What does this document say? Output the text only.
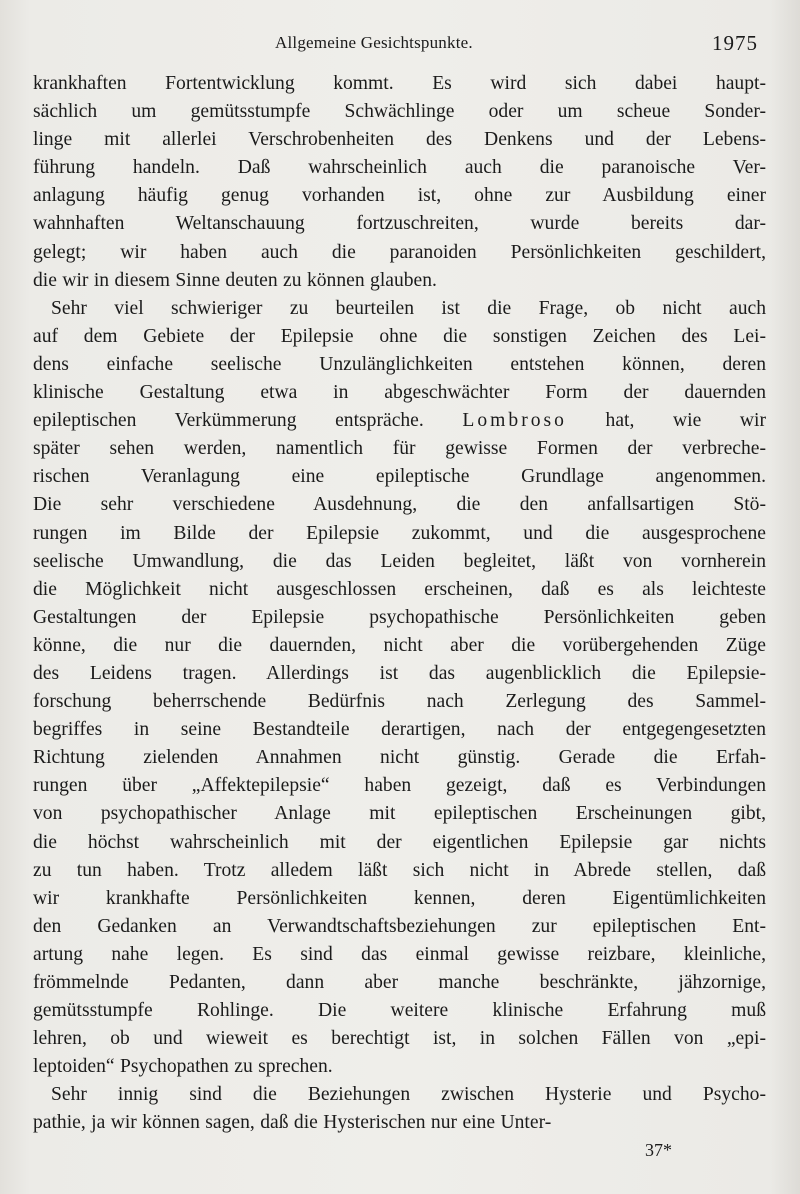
Allgemeine Gesichtspunkte.	1975

krankhaften Fortentwicklung kommt. Es wird sich dabei haupt-
sächlich um gemütsstumpfe Schwächlinge oder um scheue Sonder-
linge mit allerlei Verschrobenheiten des Denkens und der Lebens-
führung handeln. Daß wahrscheinlich auch die paranoische Ver-
anlagung häufig genug vorhanden ist, ohne zur Ausbildung einer
wahnhaften Weltanschauung fortzuschreiten, wurde bereits dar-
gelegt; wir haben auch die paranoiden Persönlichkeiten geschildert,
die wir in diesem Sinne deuten zu können glauben.

Sehr viel schwieriger zu beurteilen ist die Frage, ob nicht auch
auf dem Gebiete der Epilepsie ohne die sonstigen Zeichen des Lei-
dens einfache seelische Unzulänglichkeiten entstehen können, deren
klinische Gestaltung etwa in abgeschwächter Form der dauernden
epileptischen Verkümmerung entspräche. Lombroso hat, wie wir
später sehen werden, namentlich für gewisse Formen der verbreche-
rischen Veranlagung eine epileptische Grundlage angenommen.
Die sehr verschiedene Ausdehnung, die den anfallsartigen Stö-
rungen im Bilde der Epilepsie zukommt, und die ausgesprochene
seelische Umwandlung, die das Leiden begleitet, läßt von vornherein
die Möglichkeit nicht ausgeschlossen erscheinen, daß es als leichteste
Gestaltungen der Epilepsie psychopathische Persönlichkeiten geben
könne, die nur die dauernden, nicht aber die vorübergehenden Züge
des Leidens tragen. Allerdings ist das augenblicklich die Epilepsie-
forschung beherrschende Bedürfnis nach Zerlegung des Sammel-
begriffes in seine Bestandteile derartigen, nach der entgegengesetzten
Richtung zielenden Annahmen nicht günstig. Gerade die Erfah-
rungen über „Affektepilepsie“ haben gezeigt, daß es Verbindungen
von psychopathischer Anlage mit epileptischen Erscheinungen gibt,
die höchst wahrscheinlich mit der eigentlichen Epilepsie gar nichts
zu tun haben. Trotz alledem läßt sich nicht in Abrede stellen, daß
wir krankhafte Persönlichkeiten kennen, deren Eigentümlichkeiten
den Gedanken an Verwandtschaftsbeziehungen zur epileptischen Ent-
artung nahe legen. Es sind das einmal gewisse reizbare, kleinliche,
frömmelnde Pedanten, dann aber manche beschränkte, jähzornige,
gemütsstumpfe Rohlinge. Die weitere klinische Erfahrung muß
lehren, ob und wieweit es berechtigt ist, in solchen Fällen von „epi-
leptoiden“ Psychopathen zu sprechen.

Sehr innig sind die Beziehungen zwischen Hysterie und Psycho-
pathie, ja wir können sagen, daß die Hysterischen nur eine Unter-

37*
